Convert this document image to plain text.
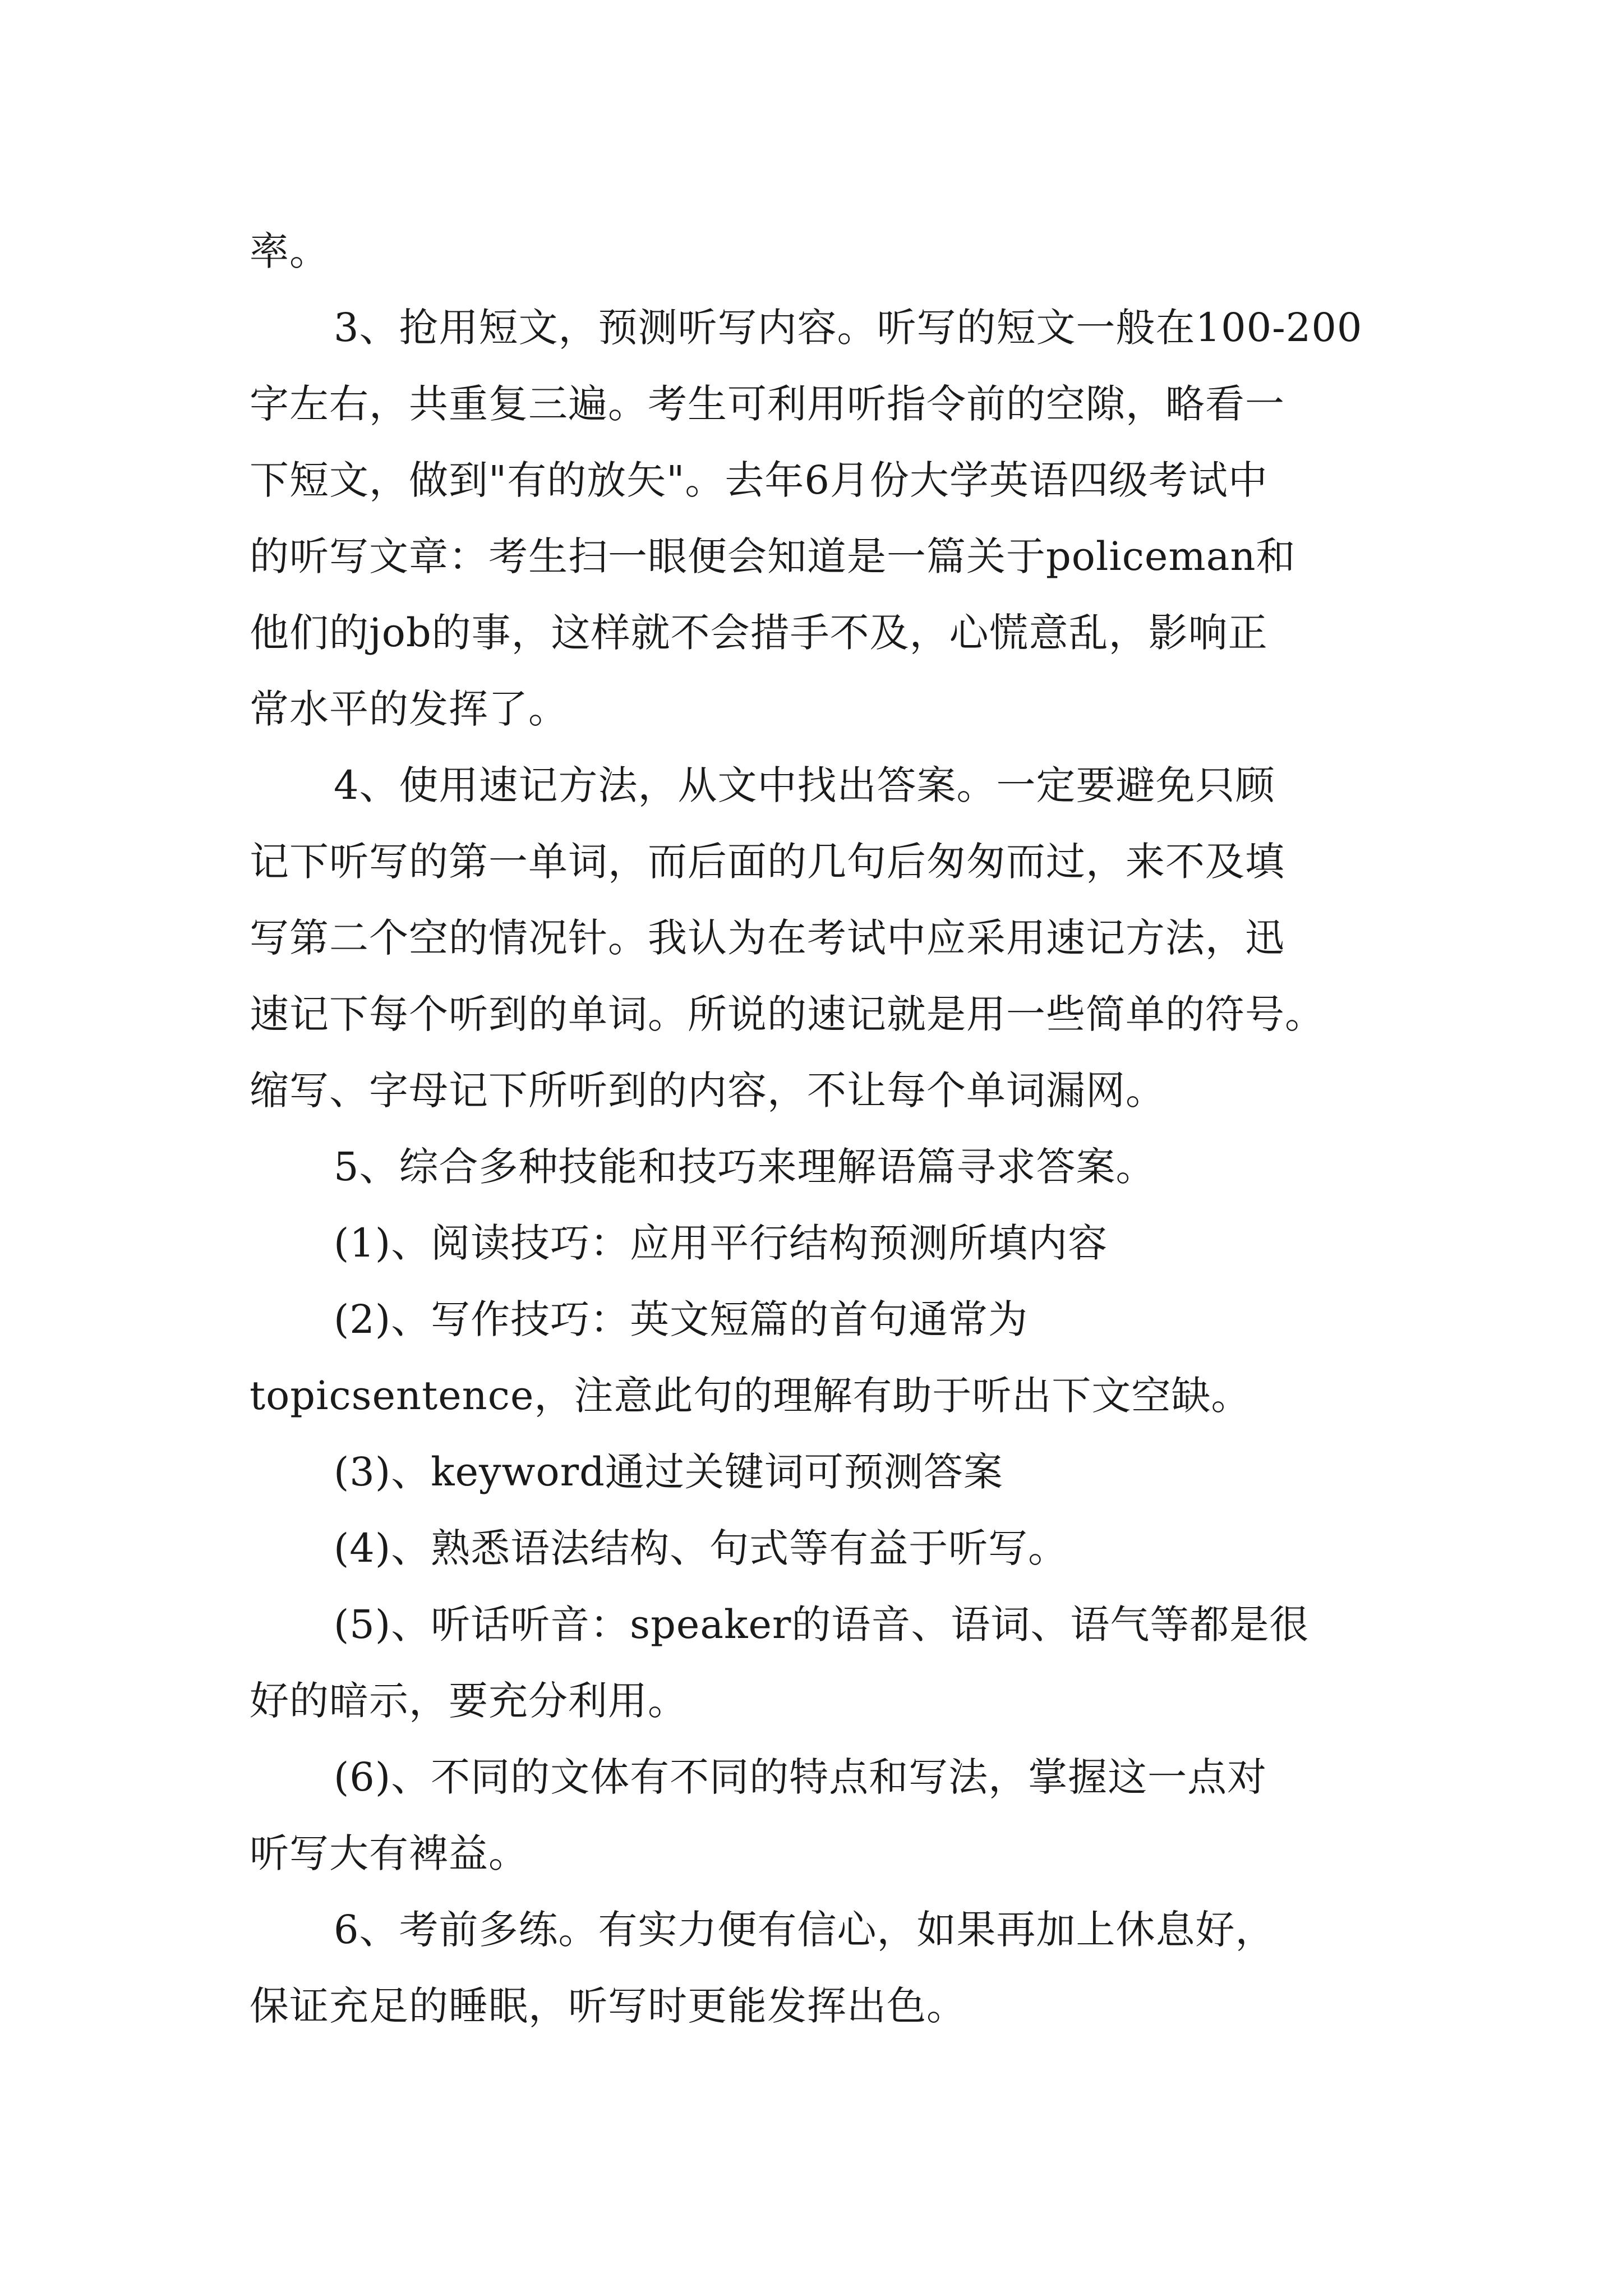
率。

3、抢用短文，预测听写内容。听写的短文一般在100-200
字左右，共重复三遍。考生可利用听指令前的空隙，略看一
下短文，做到"有的放矢"。去年6月份大学英语四级考试中
的听写文章：考生扫一眼便会知道是一篇关于policeman和
他们的job的事，这样就不会措手不及，心慌意乱，影响正
常水平的发挥了。

4、使用速记方法，从文中找出答案。一定要避免只顾
记下听写的第一单词，而后面的几句后匆匆而过，来不及填
写第二个空的情况针。我认为在考试中应采用速记方法，迅
速记下每个听到的单词。所说的速记就是用一些简单的符号。
缩写、字母记下所听到的内容，不让每个单词漏网。

5、综合多种技能和技巧来理解语篇寻求答案。

(1)、阅读技巧：应用平行结构预测所填内容

(2)、写作技巧：英文短篇的首句通常为
topicsentence，注意此句的理解有助于听出下文空缺。

(3)、keyword通过关键词可预测答案

(4)、熟悉语法结构、句式等有益于听写。

(5)、听话听音：speaker的语音、语词、语气等都是很
好的暗示，要充分利用。

(6)、不同的文体有不同的特点和写法，掌握这一点对
听写大有裨益。

6、考前多练。有实力便有信心，如果再加上休息好，
保证充足的睡眠，听写时更能发挥出色。
